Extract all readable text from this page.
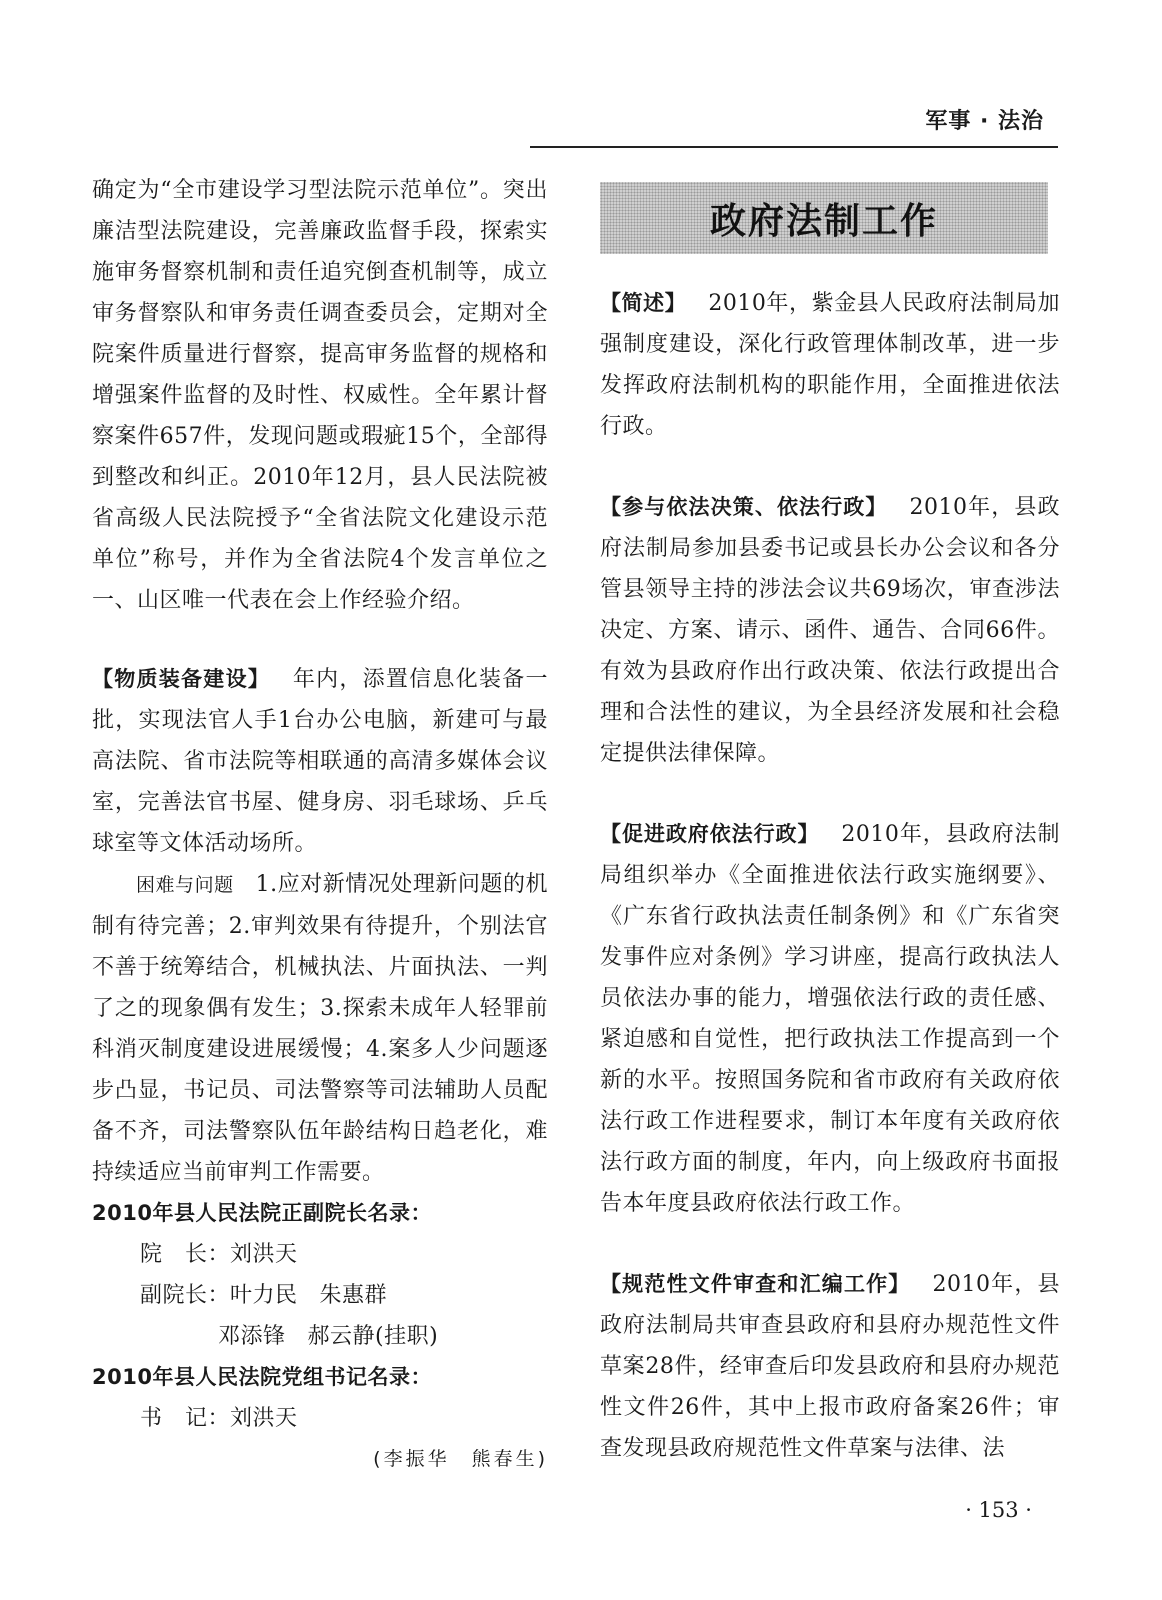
军事 · 法治

确定为“全市建设学习型法院示范单位”。突出廉洁型法院建设，完善廉政监督手段，探索实施审务督察机制和责任追究倒查机制等，成立审务督察队和审务责任调查委员会，定期对全院案件质量进行督察，提高审务监督的规格和增强案件监督的及时性、权威性。全年累计督察案件657件，发现问题或瑕疵15个，全部得到整改和纠正。2010年12月，县人民法院被省高级人民法院授予“全省法院文化建设示范单位”称号，并作为全省法院4个发言单位之一、山区唯一代表在会上作经验介绍。

【物质装备建设】 年内，添置信息化装备一批，实现法官人手1台办公电脑，新建可与最高法院、省市法院等相联通的高清多媒体会议室，完善法官书屋、健身房、羽毛球场、乒乓球室等文体活动场所。

困难与问题 1.应对新情况处理新问题的机制有待完善；2.审判效果有待提升，个别法官不善于统筹结合，机械执法、片面执法、一判了之的现象偶有发生；3.探索未成年人轻罪前科消灭制度建设进展缓慢；4.案多人少问题逐步凸显，书记员、司法警察等司法辅助人员配备不齐，司法警察队伍年龄结构日趋老化，难持续适应当前审判工作需要。

2010年县人民法院正副院长名录：

院　长：刘洪天

副院长：叶力民 朱惠群

邓添锋 郝云静(挂职)

2010年县人民法院党组书记名录：

书　记：刘洪天

(李振华　熊春生)

政府法制工作

【简述】 2010年，紫金县人民政府法制局加强制度建设，深化行政管理体制改革，进一步发挥政府法制机构的职能作用，全面推进依法行政。

【参与依法决策、依法行政】 2010年，县政府法制局参加县委书记或县长办公会议和各分管县领导主持的涉法会议共69场次，审查涉法决定、方案、请示、函件、通告、合同66件。有效为县政府作出行政决策、依法行政提出合理和合法性的建议，为全县经济发展和社会稳定提供法律保障。

【促进政府依法行政】 2010年，县政府法制局组织举办《全面推进依法行政实施纲要》、《广东省行政执法责任制条例》和《广东省突发事件应对条例》学习讲座，提高行政执法人员依法办事的能力，增强依法行政的责任感、紧迫感和自觉性，把行政执法工作提高到一个新的水平。按照国务院和省市政府有关政府依法行政工作进程要求，制订本年度有关政府依法行政方面的制度，年内，向上级政府书面报告本年度县政府依法行政工作。

【规范性文件审查和汇编工作】 2010年，县政府法制局共审查县政府和县府办规范性文件草案28件，经审查后印发县政府和县府办规范性文件26件，其中上报市政府备案26件；审查发现县政府规范性文件草案与法律、法

· 153 ·
